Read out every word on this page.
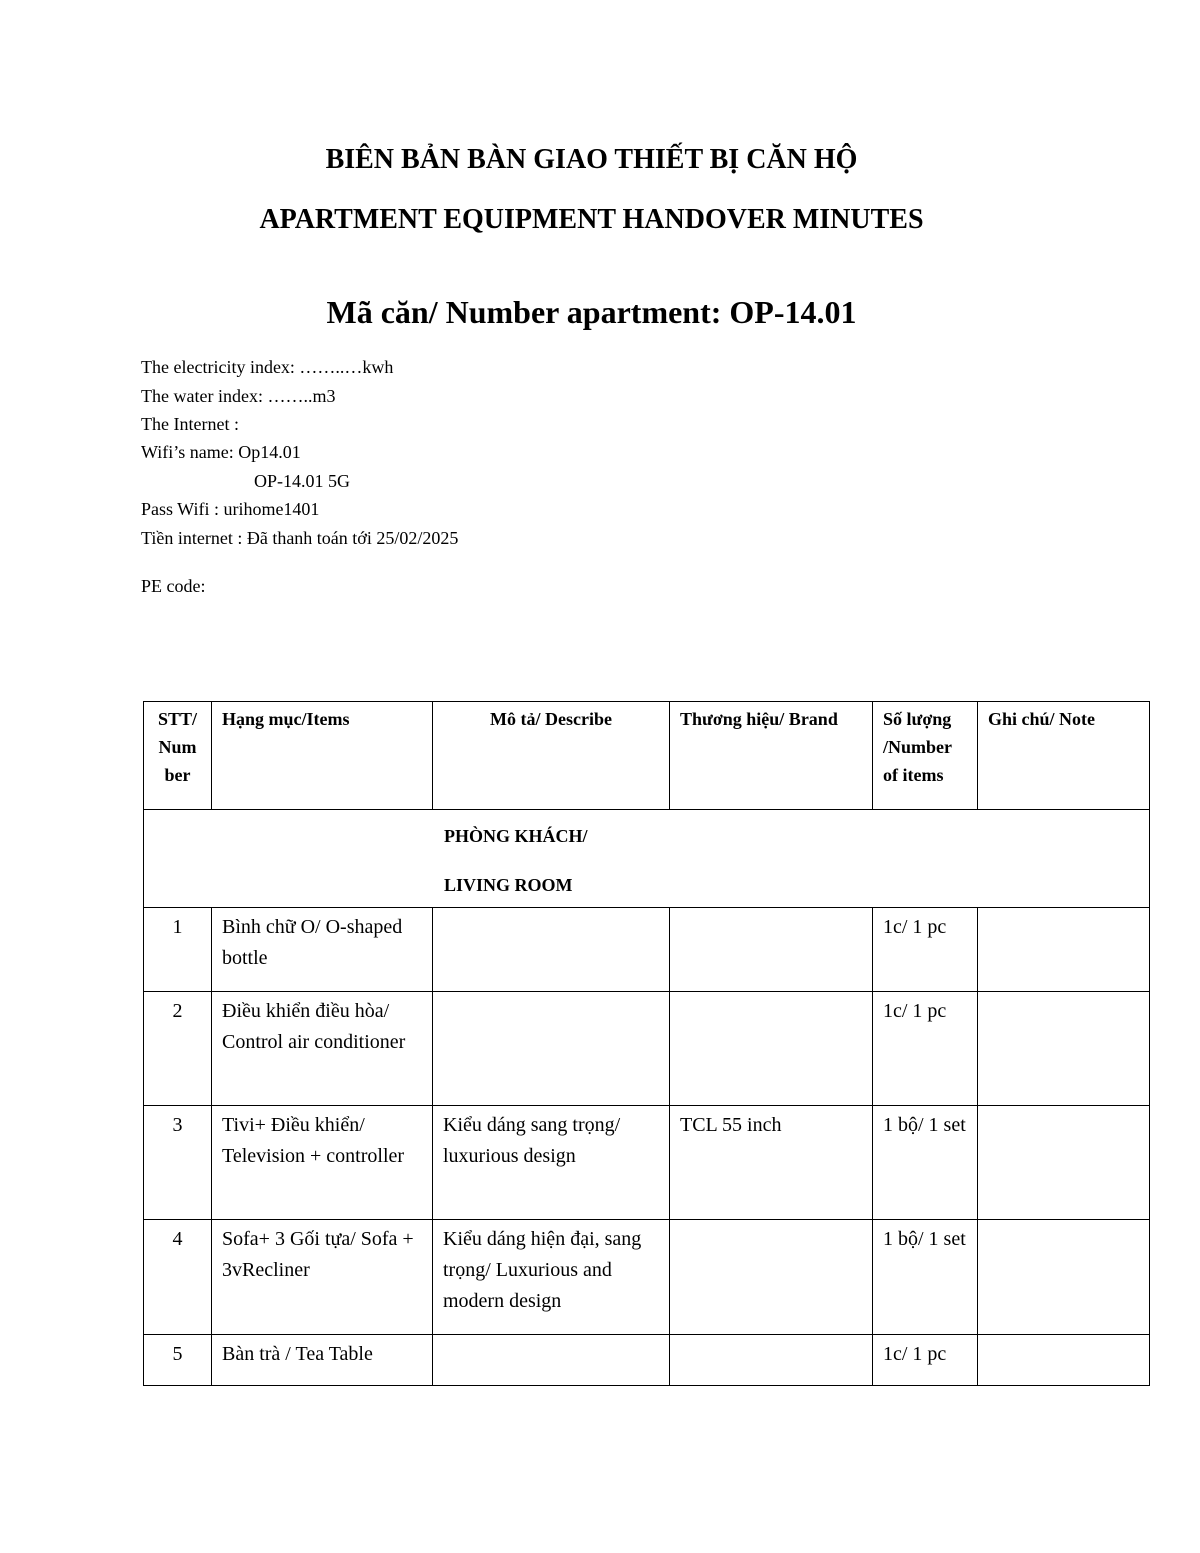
BIÊN BẢN BÀN GIAO THIẾT BỊ CĂN HỘ
APARTMENT EQUIPMENT HANDOVER MINUTES
Mã căn/ Number apartment: OP-14.01
The electricity index: ……..…kwh
The water index: ……..m3
The Internet :
Wifi’s name: Op14.01
OP-14.01 5G
Pass Wifi : urihome1401
Tiền internet : Đã thanh toán tới 25/02/2025
PE code:
STT/ Num ber	Hạng mục/Items	Mô tả/ Describe	Thương hiệu/ Brand	Số lượng /Number of items	Ghi chú/ Note

PHÒNG KHÁCH/
LIVING ROOM					

1	Bình chữ O/ O-shaped bottle			1c/ 1 pc	
2	Điều khiển điều hòa/ Control air conditioner			1c/ 1 pc	
3	Tivi+ Điều khiển/ Television + controller	Kiểu dáng sang trọng/ luxurious design	TCL 55 inch	1 bộ/ 1 set	
4	Sofa+ 3 Gối tựa/ Sofa + 3vRecliner	Kiểu dáng hiện đại, sang trọng/ Luxurious and modern design		1 bộ/ 1 set	
5	Bàn trà / Tea Table			1c/ 1 pc	
